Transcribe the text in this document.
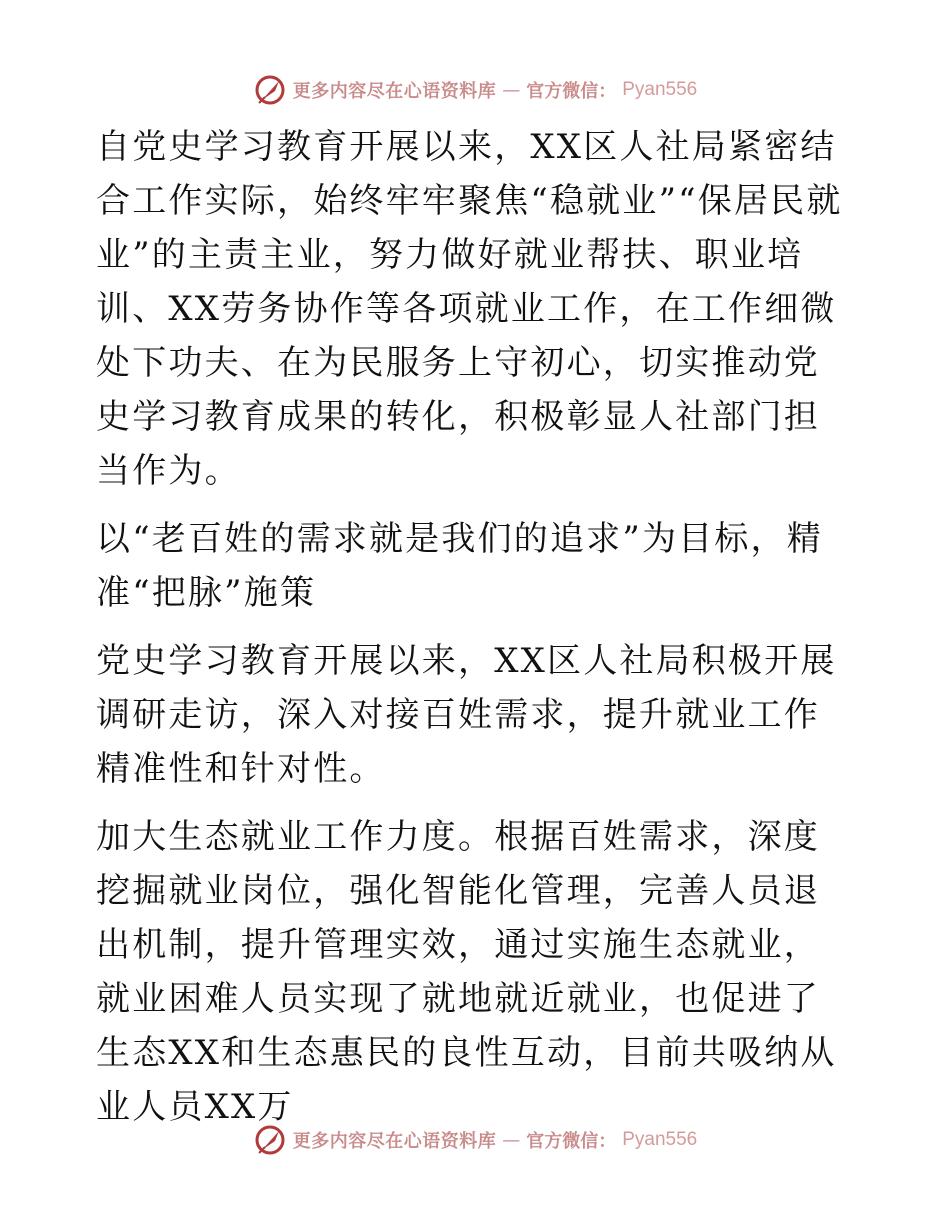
更多内容尽在心语资料库 — 官方微信： Pyan556

自党史学习教育开展以来，XX区人社局紧密结合工作实际，始终牢牢聚焦“稳就业”“保居民就业”的主责主业，努力做好就业帮扶、职业培训、XX劳务协作等各项就业工作，在工作细微处下功夫、在为民服务上守初心，切实推动党史学习教育成果的转化，积极彰显人社部门担当作为。

以“老百姓的需求就是我们的追求”为目标，精准“把脉”施策

党史学习教育开展以来，XX区人社局积极开展调研走访，深入对接百姓需求，提升就业工作精准性和针对性。

加大生态就业工作力度。根据百姓需求，深度挖掘就业岗位，强化智能化管理，完善人员退出机制，提升管理实效，通过实施生态就业，就业困难人员实现了就地就近就业，也促进了生态XX和生态惠民的良性互动，目前共吸纳从业人员XX万

更多内容尽在心语资料库 — 官方微信： Pyan556
